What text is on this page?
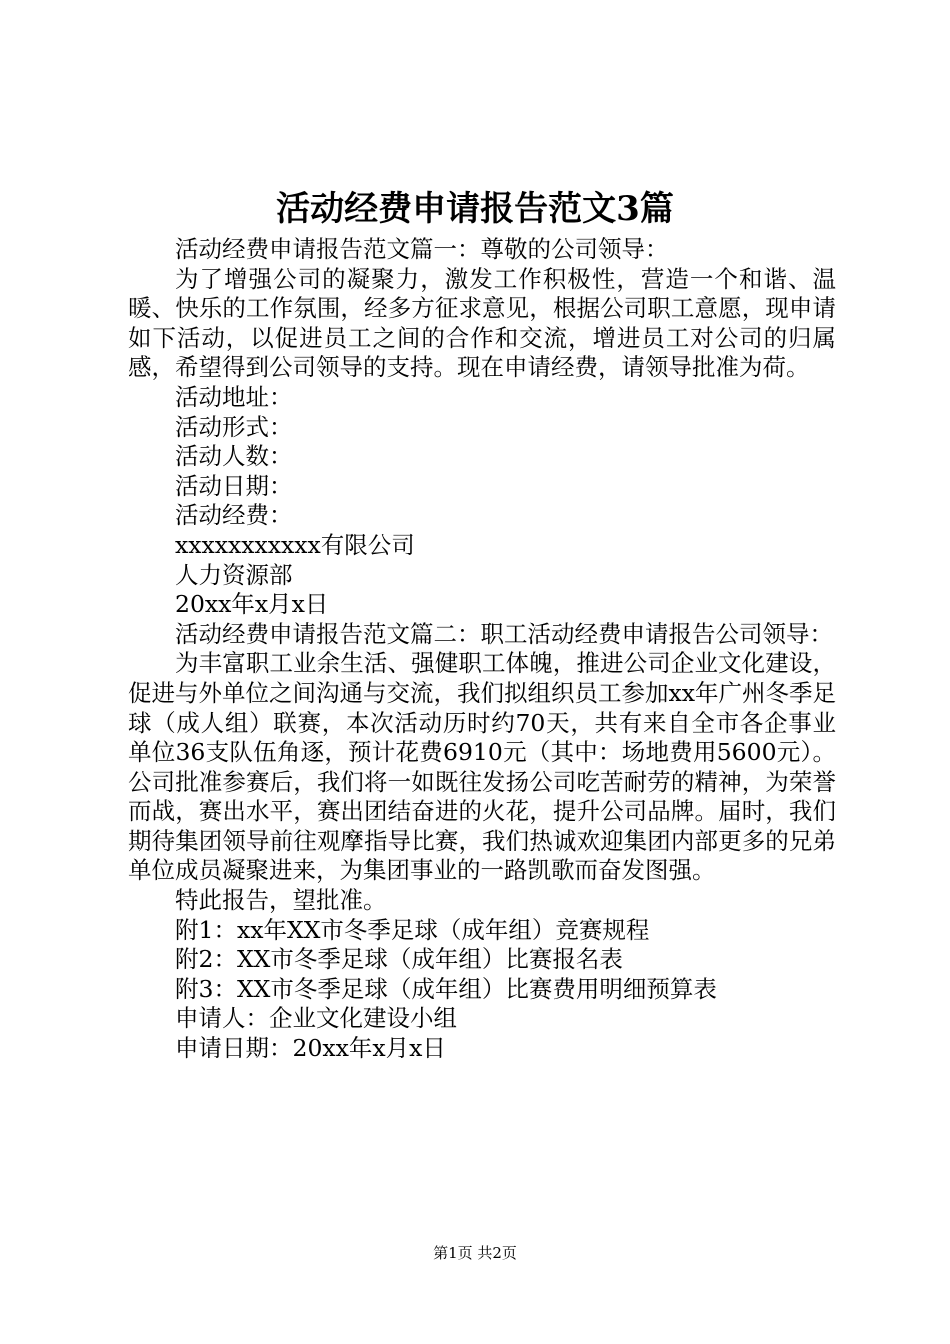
活动经费申请报告范文3篇

活动经费申请报告范文篇一：尊敬的公司领导：

为了增强公司的凝聚力，激发工作积极性，营造一个和谐、温暖、快乐的工作氛围，经多方征求意见，根据公司职工意愿，现申请如下活动，以促进员工之间的合作和交流，增进员工对公司的归属感，希望得到公司领导的支持。现在申请经费，请领导批准为荷。

活动地址：

活动形式：

活动人数：

活动日期：

活动经费：

xxxxxxxxxxx有限公司

人力资源部

20xx年x月x日

活动经费申请报告范文篇二：职工活动经费申请报告公司领导：

为丰富职工业余生活、强健职工体魄，推进公司企业文化建设，促进与外单位之间沟通与交流，我们拟组织员工参加xx年广州冬季足球（成人组）联赛，本次活动历时约70天，共有来自全市各企事业单位36支队伍角逐，预计花费6910元（其中：场地费用5600元）。公司批准参赛后，我们将一如既往发扬公司吃苦耐劳的精神，为荣誉而战，赛出水平，赛出团结奋进的火花，提升公司品牌。届时，我们期待集团领导前往观摩指导比赛，我们热诚欢迎集团内部更多的兄弟单位成员凝聚进来，为集团事业的一路凯歌而奋发图强。

特此报告，望批准。

附1：xx年XX市冬季足球（成年组）竞赛规程

附2：XX市冬季足球（成年组）比赛报名表

附3：XX市冬季足球（成年组）比赛费用明细预算表

申请人：企业文化建设小组

申请日期：20xx年x月x日

第1页 共2页
